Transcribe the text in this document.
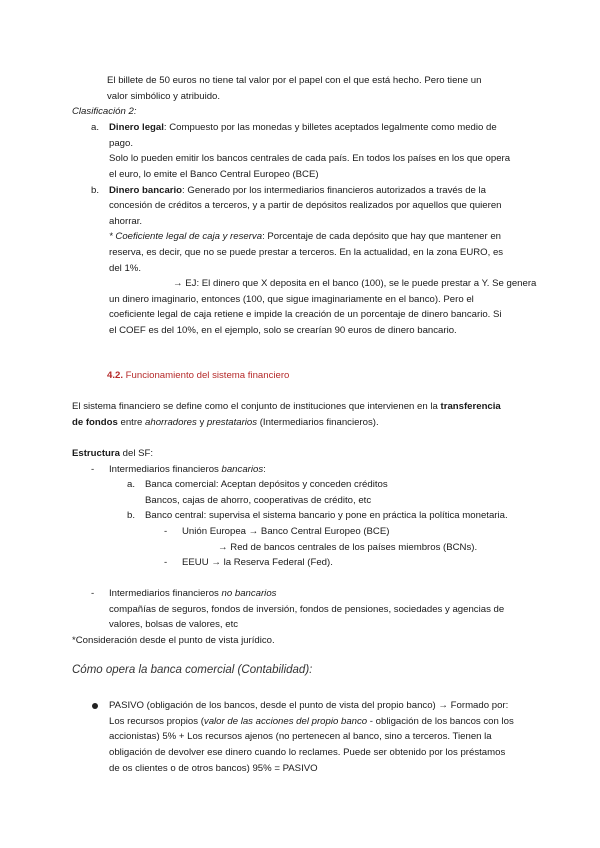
El billete de 50 euros no tiene tal valor por el papel con el que está hecho. Pero tiene un
valor simbólico y atribuido.
Clasificación 2:
a. Dinero legal: Compuesto por las monedas y billetes aceptados legalmente como medio de
pago.
Solo lo pueden emitir los bancos centrales de cada país. En todos los países en los que opera
el euro, lo emite el Banco Central Europeo (BCE)
b. Dinero bancario: Generado por los intermediarios financieros autorizados a través de la
concesión de créditos a terceros, y a partir de depósitos realizados por aquellos que quieren
ahorrar.
* Coeficiente legal de caja y reserva: Porcentaje de cada depósito que hay que mantener en
reserva, es decir, que no se puede prestar a terceros. En la actualidad, en la zona EURO, es
del 1%.
→ EJ: El dinero que X deposita en el banco (100), se le puede prestar a Y. Se genera
un dinero imaginario, entonces (100, que sigue imaginariamente en el banco). Pero el
coeficiente legal de caja retiene e impide la creación de un porcentaje de dinero bancario. Si
el COEF es del 10%, en el ejemplo, solo se crearían 90 euros de dinero bancario.
4.2. Funcionamiento del sistema financiero
El sistema financiero se define como el conjunto de instituciones que intervienen en la transferencia
de fondos entre ahorradores y prestatarios (Intermediarios financieros).
Estructura del SF:
- Intermediarios financieros bancarios:
a. Banca comercial: Aceptan depósitos y conceden créditos
Bancos, cajas de ahorro, cooperativas de crédito, etc
b. Banco central: supervisa el sistema bancario y pone en práctica la política monetaria.
- Unión Europea → Banco Central Europeo (BCE)
→ Red de bancos centrales de los países miembros (BCNs).
- EEUU → la Reserva Federal (Fed).
- Intermediarios financieros no bancarios
compañías de seguros, fondos de inversión, fondos de pensiones, sociedades y agencias de
valores, bolsas de valores, etc
*Consideración desde el punto de vista jurídico.
Cómo opera la banca comercial (Contabilidad):
PASIVO (obligación de los bancos, desde el punto de vista del propio banco) → Formado por:
Los recursos propios (valor de las acciones del propio banco - obligación de los bancos con los
accionistas) 5% + Los recursos ajenos (no pertenecen al banco, sino a terceros. Tienen la
obligación de devolver ese dinero cuando lo reclames. Puede ser obtenido por los préstamos
de os clientes o de otros bancos) 95% = PASIVO
